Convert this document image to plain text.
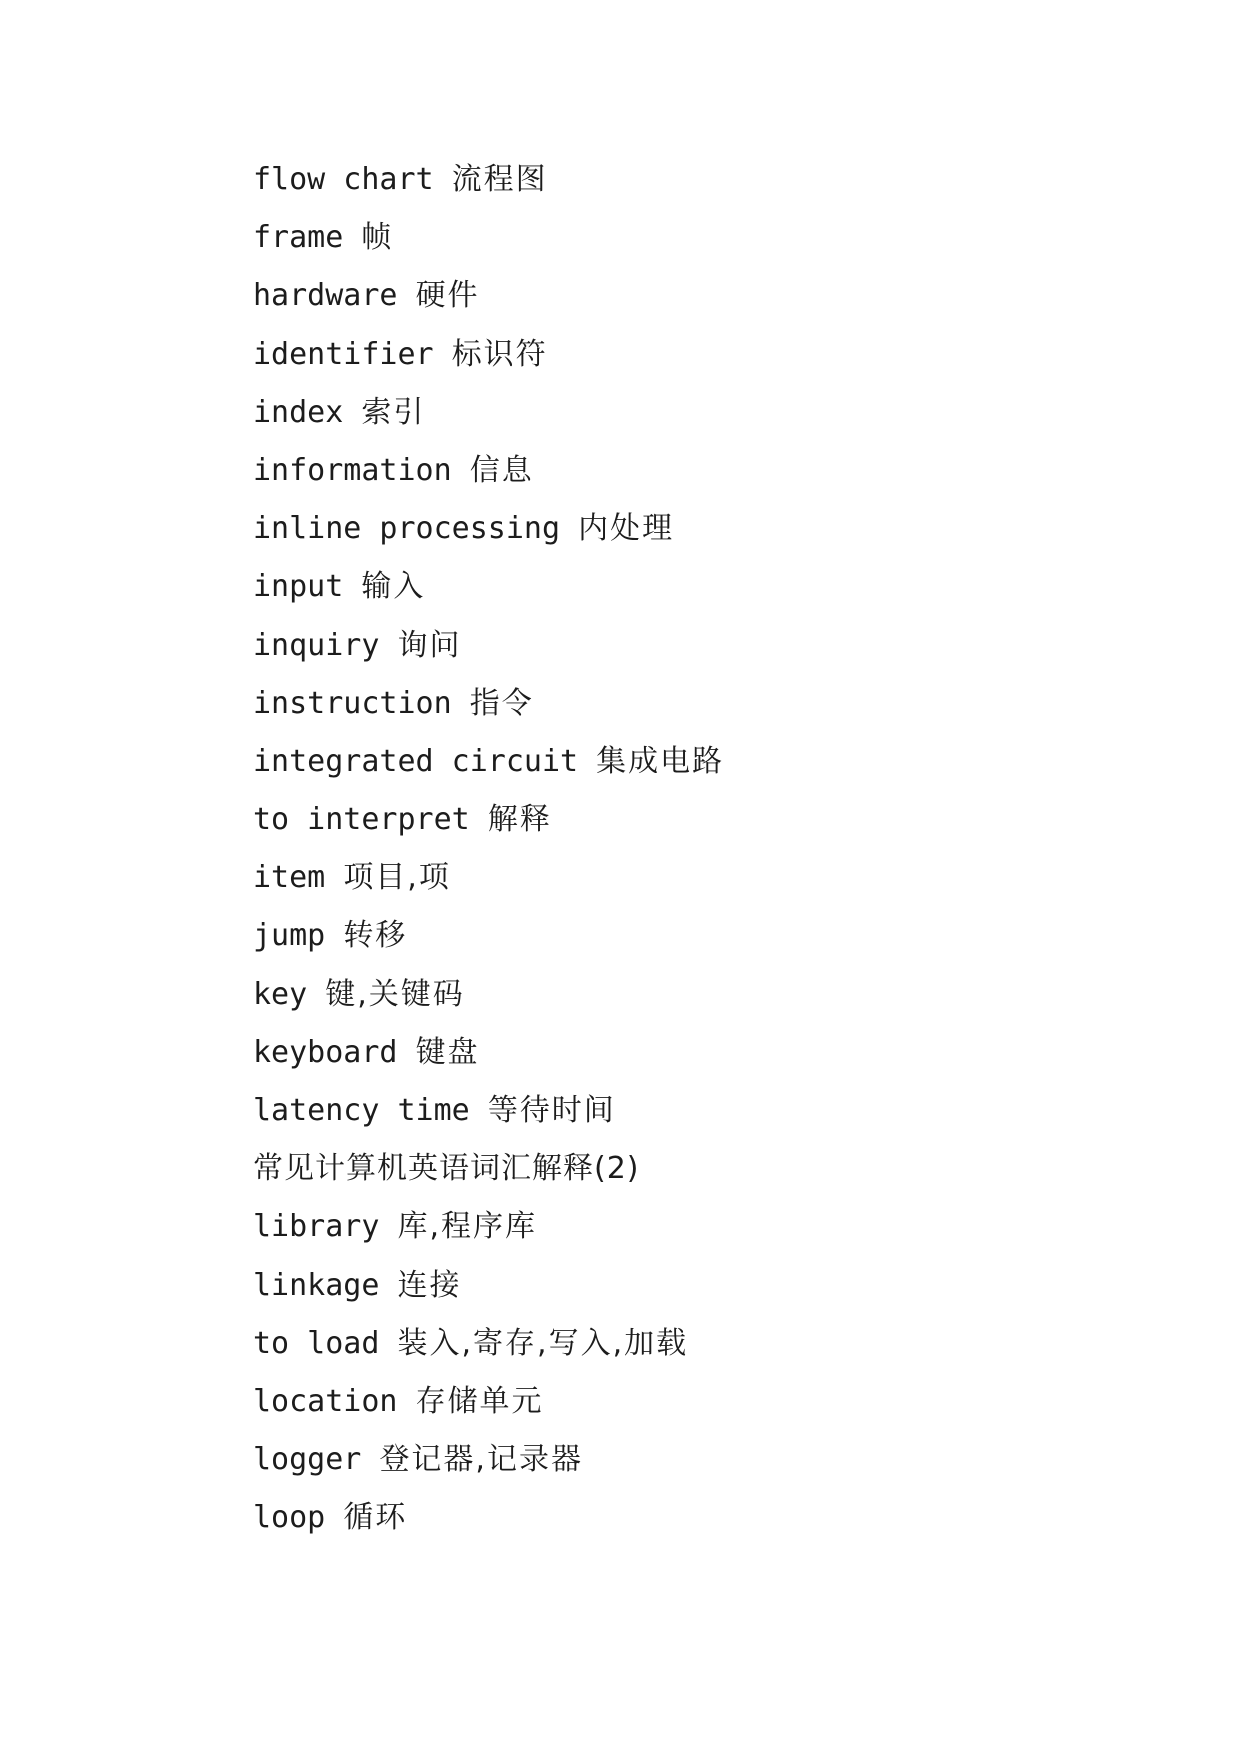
flow chart 流程图
frame 帧
hardware 硬件
identifier 标识符
index 索引
information 信息
inline processing 内处理
input 输入
inquiry 询问
instruction 指令
integrated circuit 集成电路
to interpret 解释
item 项目,项
jump 转移
key 键,关键码
keyboard 键盘
latency time 等待时间
常见计算机英语词汇解释(2)
library 库,程序库
linkage 连接
to load 装入,寄存,写入,加载
location 存储单元
logger 登记器,记录器
loop 循环
